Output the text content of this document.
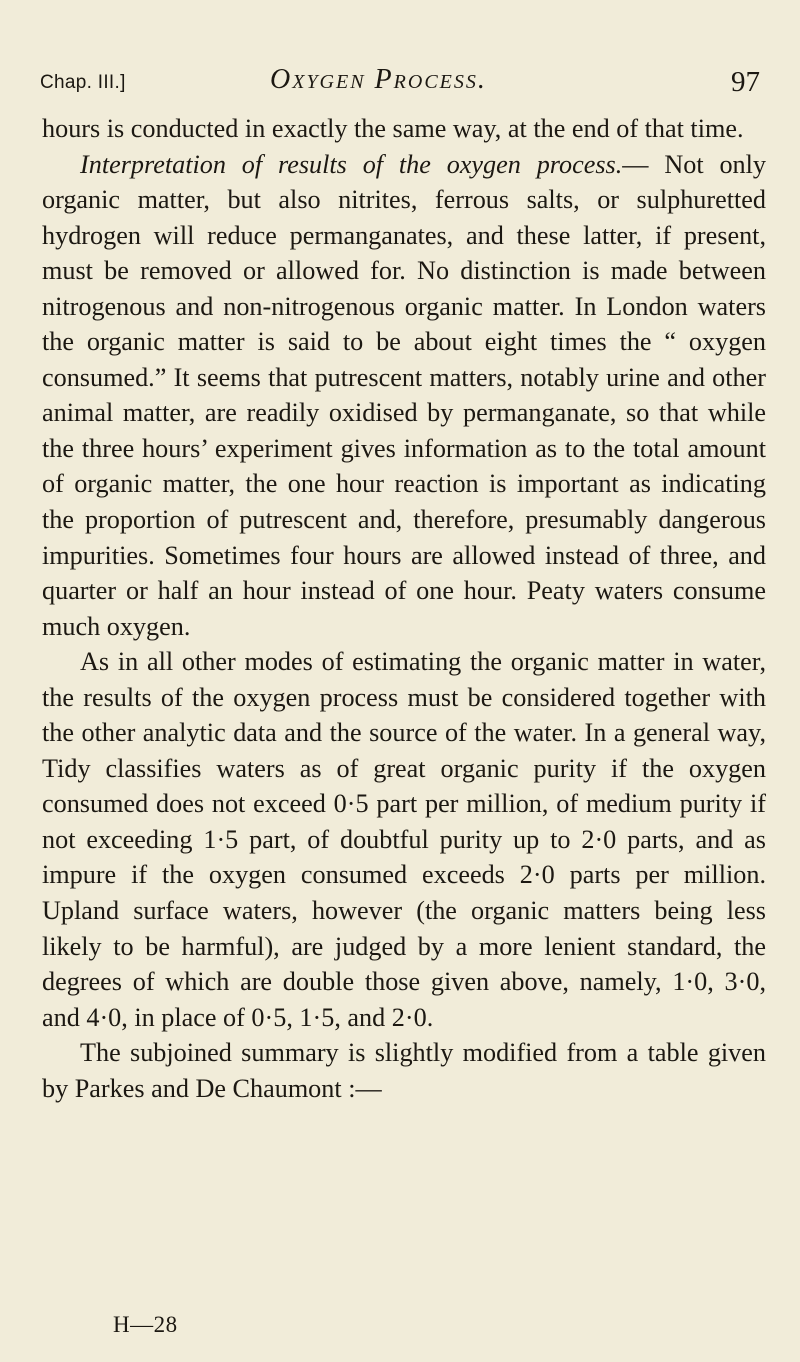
Chap. III.]	Oxygen Process.	97

hours is conducted in exactly the same way, at the end of that time.

Interpretation of results of the oxygen process.— Not only organic matter, but also nitrites, ferrous salts, or sulphuretted hydrogen will reduce permanganates, and these latter, if present, must be removed or allowed for. No distinction is made between nitrogenous and non-nitrogenous organic matter. In London waters the organic matter is said to be about eight times the “ oxygen consumed.” It seems that putrescent matters, notably urine and other animal matter, are readily oxidised by permanganate, so that while the three hours’ experiment gives information as to the total amount of organic matter, the one hour reaction is important as indicating the proportion of putrescent and, therefore, presumably dangerous impurities. Sometimes four hours are allowed instead of three, and quarter or half an hour instead of one hour. Peaty waters consume much oxygen.

As in all other modes of estimating the organic matter in water, the results of the oxygen process must be considered together with the other analytic data and the source of the water. In a general way, Tidy classifies waters as of great organic purity if the oxygen consumed does not exceed 0·5 part per million, of medium purity if not exceeding 1·5 part, of doubtful purity up to 2·0 parts, and as impure if the oxygen consumed exceeds 2·0 parts per million. Upland surface waters, however (the organic matters being less likely to be harmful), are judged by a more lenient standard, the degrees of which are double those given above, namely, 1·0, 3·0, and 4·0, in place of 0·5, 1·5, and 2·0.

The subjoined summary is slightly modified from a table given by Parkes and De Chaumont :—

H—28
